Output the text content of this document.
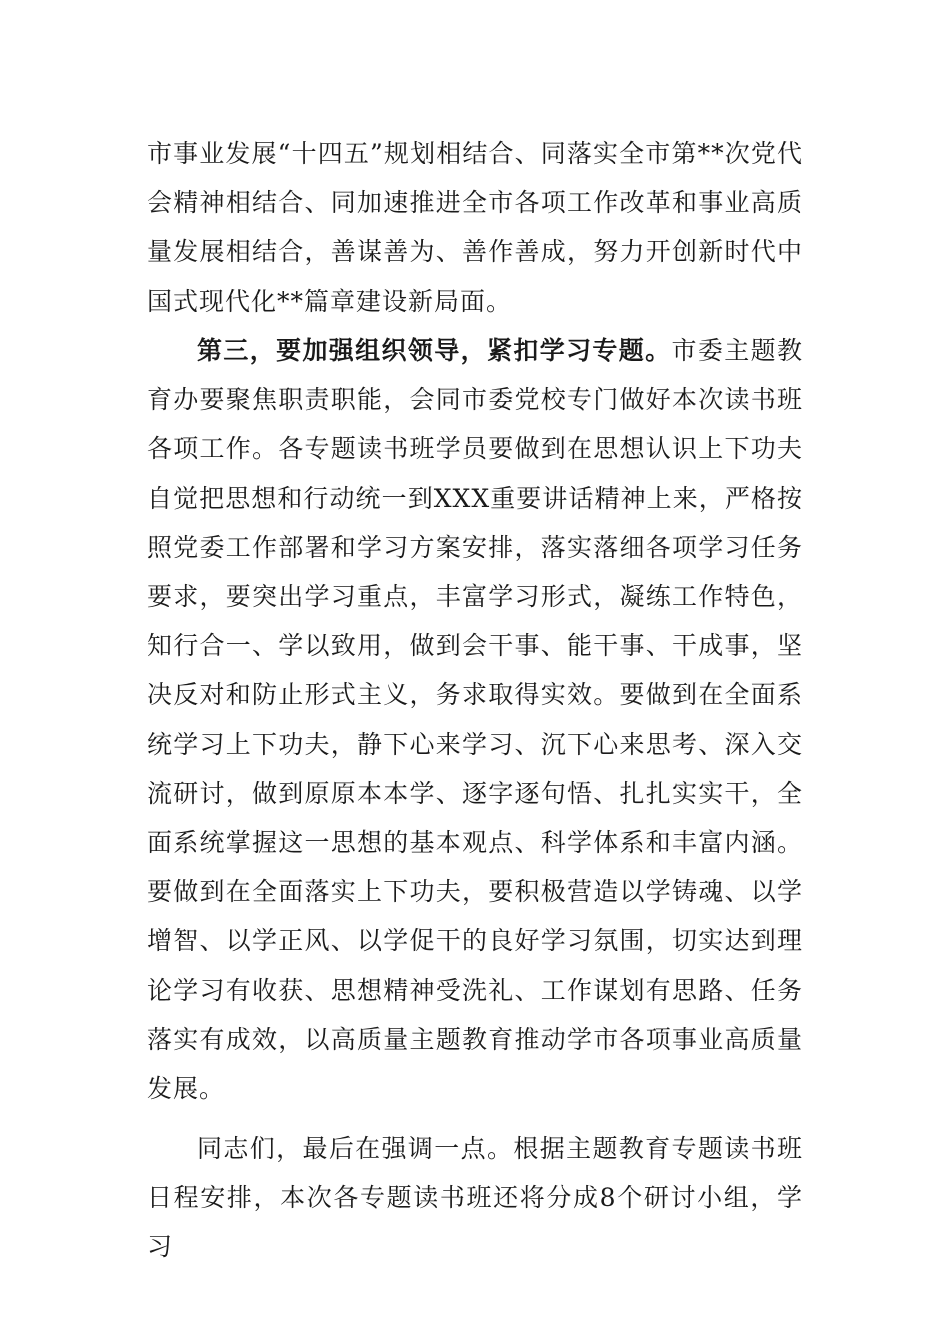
市事业发展“十四五”规划相结合、同落实全市第**次党代会精神相结合、同加速推进全市各项工作改革和事业高质量发展相结合，善谋善为、善作善成，努力开创新时代中国式现代化**篇章建设新局面。

第三，要加强组织领导，紧扣学习专题。市委主题教育办要聚焦职责职能，会同市委党校专门做好本次读书班各项工作。各专题读书班学员要做到在思想认识上下功夫自觉把思想和行动统一到XXX重要讲话精神上来，严格按照党委工作部署和学习方案安排，落实落细各项学习任务要求，要突出学习重点，丰富学习形式，凝练工作特色，知行合一、学以致用，做到会干事、能干事、干成事，坚决反对和防止形式主义，务求取得实效。要做到在全面系统学习上下功夫，静下心来学习、沉下心来思考、深入交流研讨，做到原原本本学、逐字逐句悟、扎扎实实干，全面系统掌握这一思想的基本观点、科学体系和丰富内涵。要做到在全面落实上下功夫，要积极营造以学铸魂、以学增智、以学正风、以学促干的良好学习氛围，切实达到理论学习有收获、思想精神受洗礼、工作谋划有思路、任务落实有成效，以高质量主题教育推动学市各项事业高质量发展。

同志们，最后在强调一点。根据主题教育专题读书班日程安排，本次各专题读书班还将分成8个研讨小组，学习
